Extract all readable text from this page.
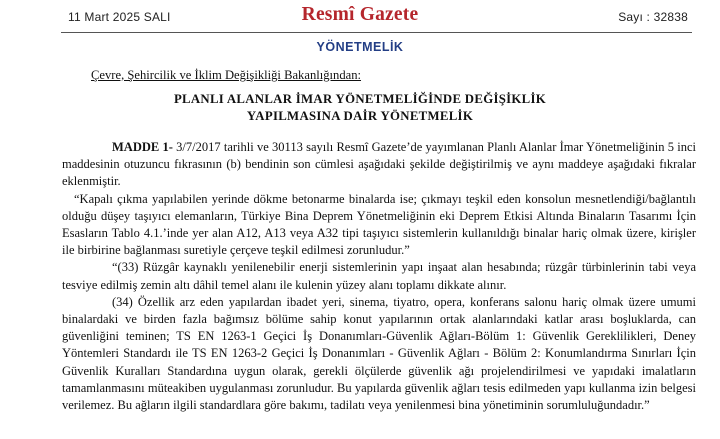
11 Mart 2025 SALI	Resmî Gazete	Sayı : 32838
YÖNETMELİK
Çevre, Şehircilik ve İklim Değişikliği Bakanlığından:
PLANLI ALANLAR İMAR YÖNETMELİĞİNDE DEĞİŞİKLİK
YAPILMASINA DAİR YÖNETMELİK

MADDE 1- 3/7/2017 tarihli ve 30113 sayılı Resmî Gazete’de yayımlanan Planlı Alanlar İmar Yönetmeliğinin 5 inci maddesinin otuzuncu fıkrasının (b) bendinin son cümlesi aşağıdaki şekilde değiştirilmiş ve aynı maddeye aşağıdaki fıkralar eklenmiştir.

“Kapalı çıkma yapılabilen yerinde dökme betonarme binalarda ise; çıkmayı teşkil eden konsolun mesnetlendiği/bağlantılı olduğu düşey taşıyıcı elemanların, Türkiye Bina Deprem Yönetmeliğinin eki Deprem Etkisi Altında Binaların Tasarımı İçin Esasların Tablo 4.1.’inde yer alan A12, A13 veya A32 tipi taşıyıcı sistemlerin kullanıldığı binalar hariç olmak üzere, kirişler ile birbirine bağlanması suretiyle çerçeve teşkil edilmesi zorunludur.”

“(33) Rüzgâr kaynaklı yenilenebilir enerji sistemlerinin yapı inşaat alan hesabında; rüzgâr türbinlerinin tabi veya tesviye edilmiş zemin altı dâhil temel alanı ile kulenin yüzey alanı toplamı dikkate alınır.

(34) Özellik arz eden yapılardan ibadet yeri, sinema, tiyatro, opera, konferans salonu hariç olmak üzere umumi binalardaki ve birden fazla bağımsız bölüme sahip konut yapılarının ortak alanlarındaki katlar arası boşluklarda, can güvenliğini teminen; TS EN 1263-1 Geçici İş Donanımları-Güvenlik Ağları-Bölüm 1: Güvenlik Gereklilikleri, Deney Yöntemleri Standardı ile TS EN 1263-2 Geçici İş Donanımları - Güvenlik Ağları - Bölüm 2: Konumlandırma Sınırları İçin Güvenlik Kuralları Standardına uygun olarak, gerekli ölçülerde güvenlik ağı projelendirilmesi ve yapıdaki imalatların tamamlanmasını müteakiben uygulanması zorunludur. Bu yapılarda güvenlik ağları tesis edilmeden yapı kullanma izin belgesi verilemez. Bu ağların ilgili standardlara göre bakımı, tadilatı veya yenilenmesi bina yönetiminin sorumluluğundadır.”
